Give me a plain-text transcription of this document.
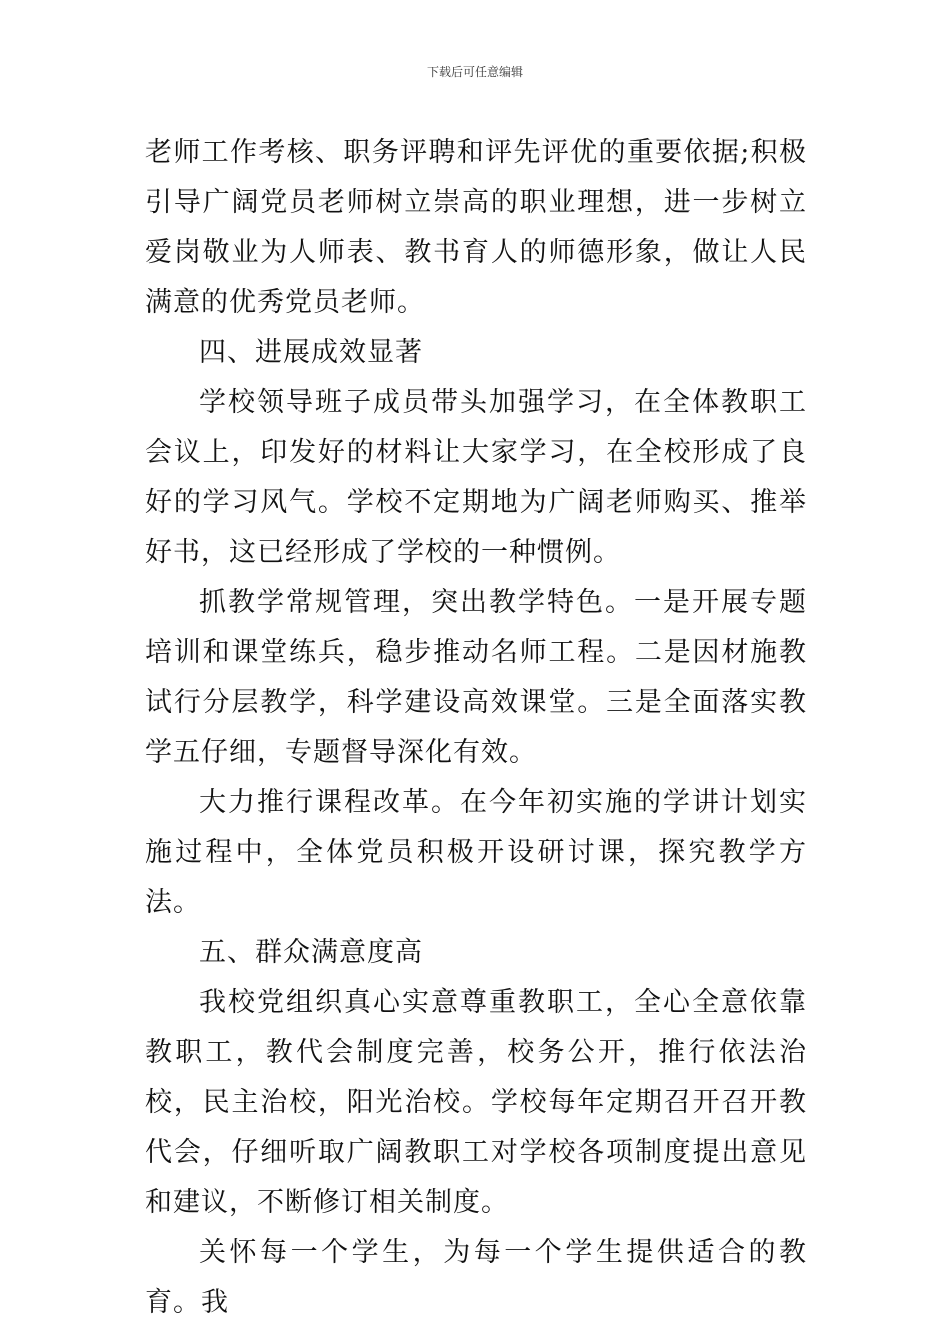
下载后可任意编辑

老师工作考核、职务评聘和评先评优的重要依据;积极引导广阔党员老师树立崇高的职业理想，进一步树立爱岗敬业为人师表、教书育人的师德形象，做让人民满意的优秀党员老师。

四、进展成效显著

学校领导班子成员带头加强学习，在全体教职工会议上，印发好的材料让大家学习，在全校形成了良好的学习风气。学校不定期地为广阔老师购买、推举好书，这已经形成了学校的一种惯例。

抓教学常规管理，突出教学特色。一是开展专题培训和课堂练兵，稳步推动名师工程。二是因材施教试行分层教学，科学建设高效课堂。三是全面落实教学五仔细，专题督导深化有效。

大力推行课程改革。在今年初实施的学讲计划实施过程中，全体党员积极开设研讨课，探究教学方法。

五、群众满意度高

我校党组织真心实意尊重教职工，全心全意依靠教职工，教代会制度完善，校务公开，推行依法治校，民主治校，阳光治校。学校每年定期召开召开教代会，仔细听取广阔教职工对学校各项制度提出意见和建议，不断修订相关制度。

关怀每一个学生，为每一个学生提供适合的教育。我
